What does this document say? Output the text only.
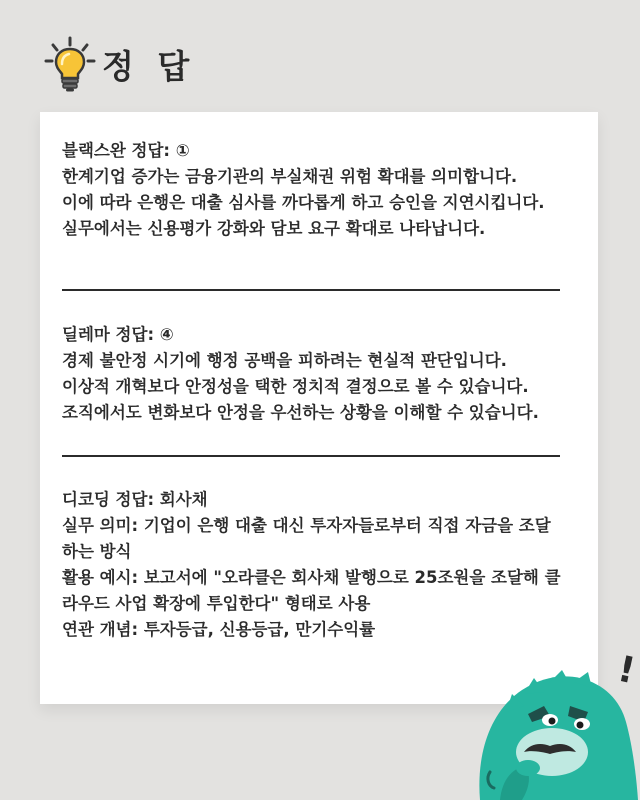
정 답

블랙스완 정답: ①

한계기업 증가는 금융기관의 부실채권 위험 확대를 의미합니다.

이에 따라 은행은 대출 심사를 까다롭게 하고 승인을 지연시킵니다.

실무에서는 신용평가 강화와 담보 요구 확대로 나타납니다.

딜레마 정답: ④

경제 불안정 시기에 행정 공백을 피하려는 현실적 판단입니다.

이상적 개혁보다 안정성을 택한 정치적 결정으로 볼 수 있습니다.

조직에서도 변화보다 안정을 우선하는 상황을 이해할 수 있습니다.

디코딩 정답: 회사채

실무 의미: 기업이 은행 대출 대신 투자자들로부터 직접 자금을 조달하는 방식

활용 예시: 보고서에 "오라클은 회사채 발행으로 25조원을 조달해 클라우드 사업 확장에 투입한다" 형태로 사용

연관 개념: 투자등급, 신용등급, 만기수익률

!
